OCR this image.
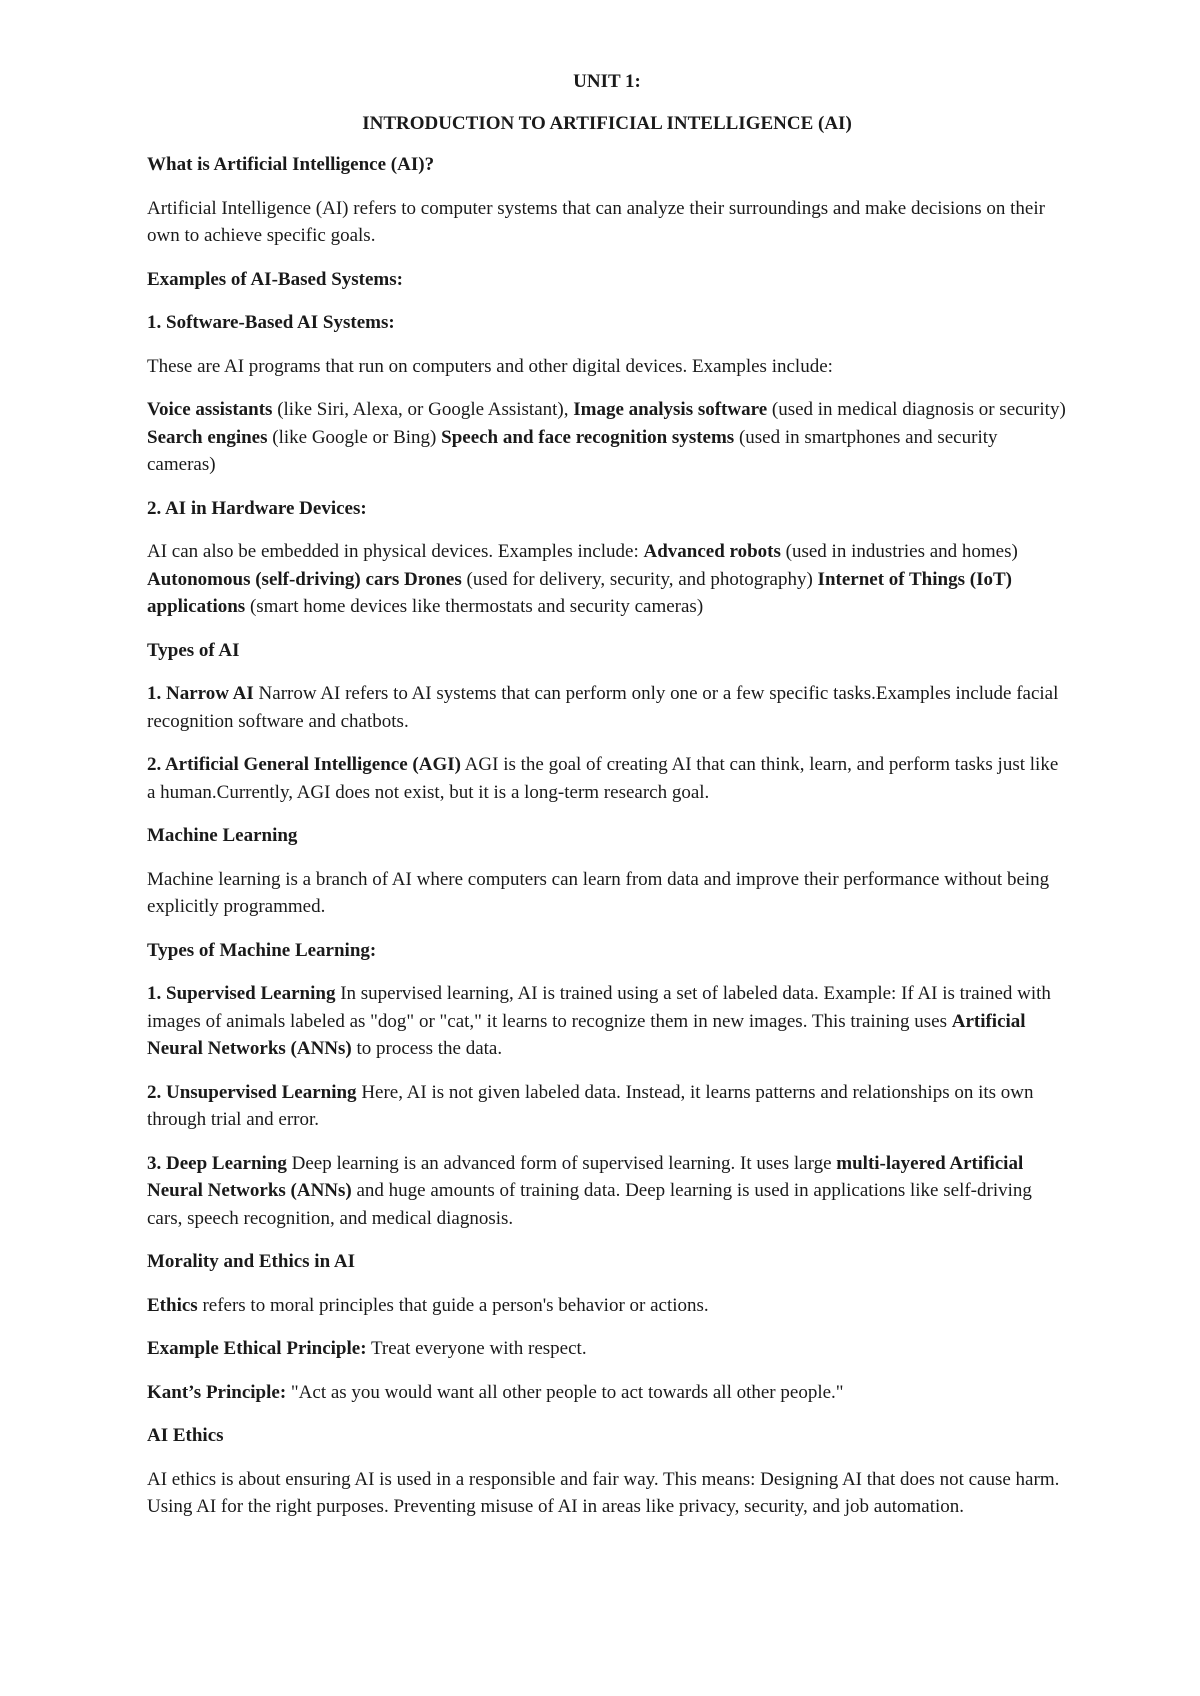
UNIT 1:

INTRODUCTION TO ARTIFICIAL INTELLIGENCE (AI)

What is Artificial Intelligence (AI)?

Artificial Intelligence (AI) refers to computer systems that can analyze their surroundings and make decisions on their own to achieve specific goals.

Examples of AI-Based Systems:

1. Software-Based AI Systems:

These are AI programs that run on computers and other digital devices. Examples include:

Voice assistants (like Siri, Alexa, or Google Assistant), Image analysis software (used in medical diagnosis or security) Search engines (like Google or Bing) Speech and face recognition systems (used in smartphones and security cameras)

2. AI in Hardware Devices:

AI can also be embedded in physical devices. Examples include: Advanced robots (used in industries and homes) Autonomous (self-driving) cars Drones (used for delivery, security, and photography) Internet of Things (IoT) applications (smart home devices like thermostats and security cameras)

Types of AI

1. Narrow AI Narrow AI refers to AI systems that can perform only one or a few specific tasks.Examples include facial recognition software and chatbots.

2. Artificial General Intelligence (AGI) AGI is the goal of creating AI that can think, learn, and perform tasks just like a human.Currently, AGI does not exist, but it is a long-term research goal.

Machine Learning

Machine learning is a branch of AI where computers can learn from data and improve their performance without being explicitly programmed.

Types of Machine Learning:

1. Supervised Learning In supervised learning, AI is trained using a set of labeled data. Example: If AI is trained with images of animals labeled as "dog" or "cat," it learns to recognize them in new images. This training uses Artificial Neural Networks (ANNs) to process the data.

2. Unsupervised Learning Here, AI is not given labeled data. Instead, it learns patterns and relationships on its own through trial and error.

3. Deep Learning Deep learning is an advanced form of supervised learning. It uses large multi-layered Artificial Neural Networks (ANNs) and huge amounts of training data. Deep learning is used in applications like self-driving cars, speech recognition, and medical diagnosis.

Morality and Ethics in AI

Ethics refers to moral principles that guide a person's behavior or actions.

Example Ethical Principle: Treat everyone with respect.

Kant’s Principle: "Act as you would want all other people to act towards all other people."

AI Ethics

AI ethics is about ensuring AI is used in a responsible and fair way. This means: Designing AI that does not cause harm. Using AI for the right purposes. Preventing misuse of AI in areas like privacy, security, and job automation.
